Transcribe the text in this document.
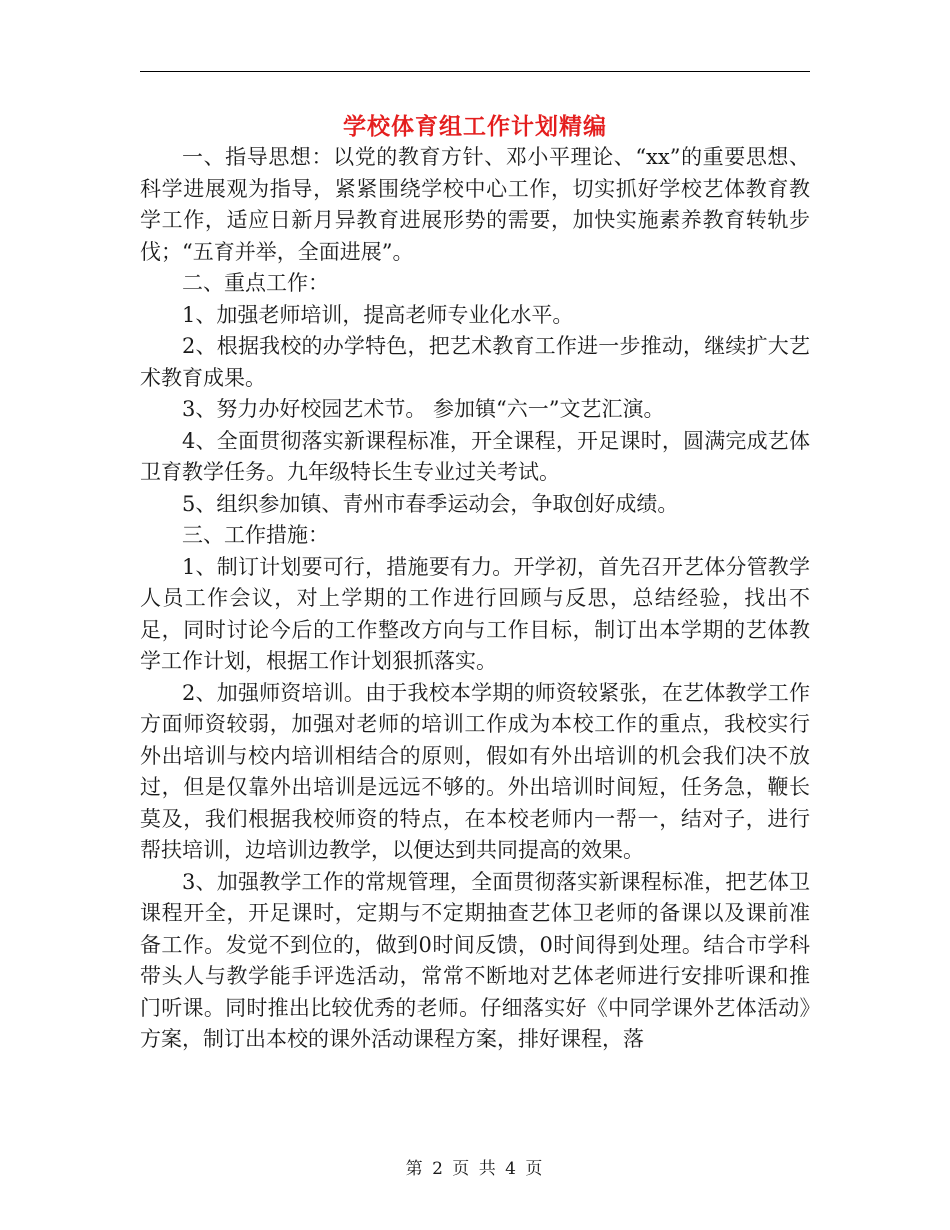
学校体育组工作计划精编

一、指导思想：以党的教育方针、邓小平理论、“xx”的重要思想、科学进展观为指导，紧紧围绕学校中心工作，切实抓好学校艺体教育教学工作，适应日新月异教育进展形势的需要，加快实施素养教育转轨步伐；“五育并举，全面进展”。

二、重点工作：

1、加强老师培训，提高老师专业化水平。

2、根据我校的办学特色，把艺术教育工作进一步推动，继续扩大艺术教育成果。

3、努力办好校园艺术节。 参加镇“六一”文艺汇演。

4、全面贯彻落实新课程标准，开全课程，开足课时，圆满完成艺体卫育教学任务。九年级特长生专业过关考试。

5、组织参加镇、青州市春季运动会，争取创好成绩。

三、工作措施：

1、制订计划要可行，措施要有力。开学初，首先召开艺体分管教学人员工作会议，对上学期的工作进行回顾与反思，总结经验，找出不足，同时讨论今后的工作整改方向与工作目标，制订出本学期的艺体教学工作计划，根据工作计划狠抓落实。

2、加强师资培训。由于我校本学期的师资较紧张，在艺体教学工作方面师资较弱，加强对老师的培训工作成为本校工作的重点，我校实行外出培训与校内培训相结合的原则，假如有外出培训的机会我们决不放过，但是仅靠外出培训是远远不够的。外出培训时间短，任务急，鞭长莫及，我们根据我校师资的特点，在本校老师内一帮一，结对子，进行帮扶培训，边培训边教学，以便达到共同提高的效果。

3、加强教学工作的常规管理，全面贯彻落实新课程标准，把艺体卫课程开全，开足课时，定期与不定期抽查艺体卫老师的备课以及课前准备工作。发觉不到位的，做到0时间反馈，0时间得到处理。结合市学科带头人与教学能手评选活动，常常不断地对艺体老师进行安排听课和推门听课。同时推出比较优秀的老师。仔细落实好《中同学课外艺体活动》方案，制订出本校的课外活动课程方案，排好课程，落

第 2 页 共 4 页
